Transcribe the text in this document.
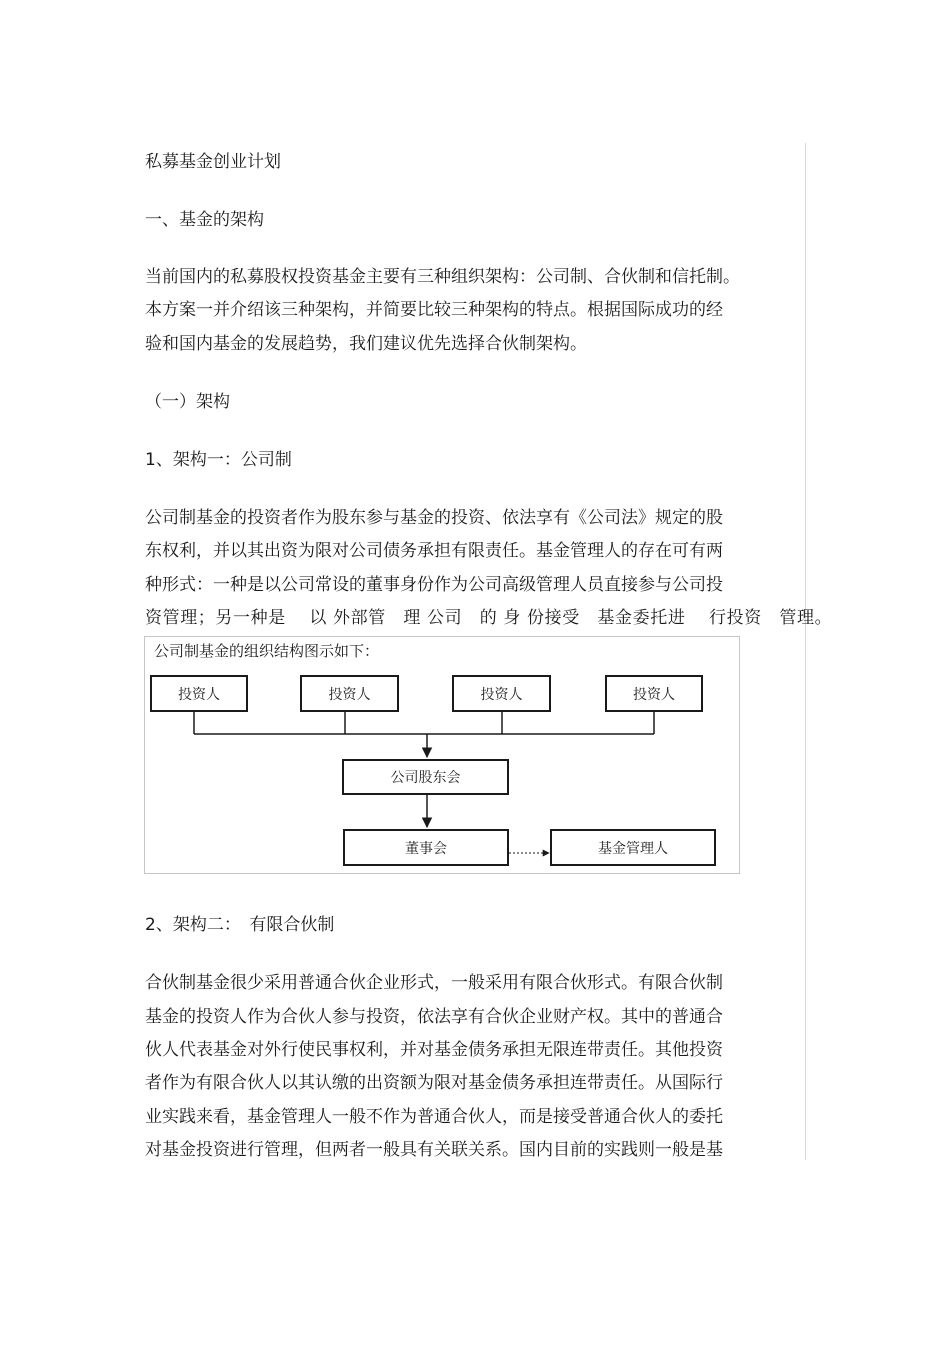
私募基金创业计划

一、基金的架构

当前国内的私募股权投资基金主要有三种组织架构：公司制、合伙制和信托制。

本方案一并介绍该三种架构，并简要比较三种架构的特点。根据国际成功的经

验和国内基金的发展趋势，我们建议优先选择合伙制架构。

（一）架构

1、架构一：公司制

公司制基金的投资者作为股东参与基金的投资、依法享有《公司法》规定的股

东权利，并以其出资为限对公司债务承担有限责任。基金管理人的存在可有两

种形式：一种是以公司常设的董事身份作为公司高级管理人员直接参与公司投

资管理；另一种是　 以 外部管　理 公司　的 身 份接受　基金委托进　 行投资　管理。

公司制基金的组织结构图示如下：

投资人	投资人	投资人	投资人
公司股东会
董事会	基金管理人

2、架构二：　有限合伙制

合伙制基金很少采用普通合伙企业形式，一般采用有限合伙形式。有限合伙制

基金的投资人作为合伙人参与投资，依法享有合伙企业财产权。其中的普通合

伙人代表基金对外行使民事权利，并对基金债务承担无限连带责任。其他投资

者作为有限合伙人以其认缴的出资额为限对基金债务承担连带责任。从国际行

业实践来看，基金管理人一般不作为普通合伙人，而是接受普通合伙人的委托

对基金投资进行管理，但两者一般具有关联关系。国内目前的实践则一般是基
